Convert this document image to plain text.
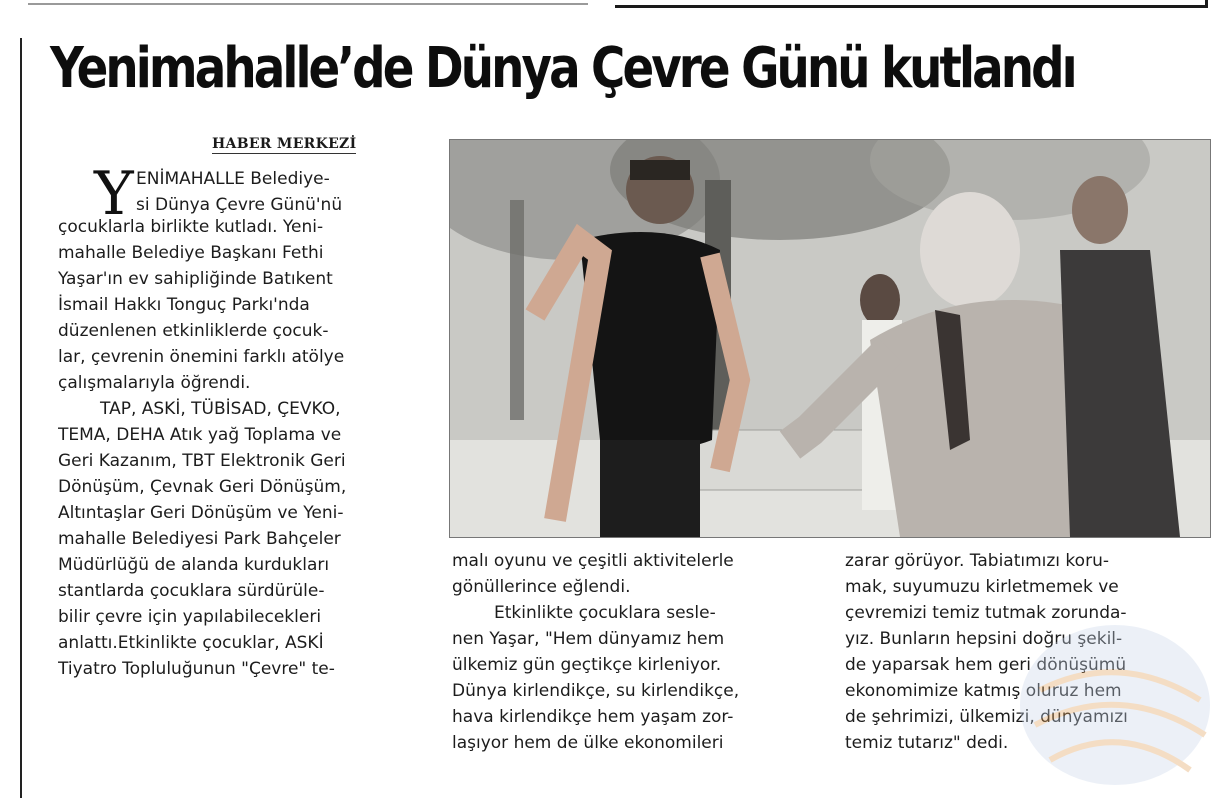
Yenimahalle’de Dünya Çevre Günü kutlandı
HABER MERKEZİ
Y ENİMAHALLE Belediye-
si Dünya Çevre Günü'nü
çocuklarla birlikte kutladı. Yeni-
mahalle Belediye Başkanı Fethi
Yaşar'ın ev sahipliğinde Batıkent
İsmail Hakkı Tonguç Parkı'nda
düzenlenen etkinliklerde çocuk-
lar, çevrenin önemini farklı atölye
çalışmalarıyla öğrendi.
TAP, ASKİ, TÜBİSAD, ÇEVKO,
TEMA, DEHA Atık yağ Toplama ve
Geri Kazanım, TBT Elektronik Geri
Dönüşüm, Çevnak Geri Dönüşüm,
Altıntaşlar Geri Dönüşüm ve Yeni-
mahalle Belediyesi Park Bahçeler
Müdürlüğü de alanda kurdukları
stantlarda çocuklara sürdürüle-
bilir çevre için yapılabilecekleri
anlattı.Etkinlikte çocuklar, ASKİ
Tiyatro Topluluğunun "Çevre" te-
malı oyunu ve çeşitli aktivitelerle
gönüllerince eğlendi.
Etkinlikte çocuklara sesle-
nen Yaşar, "Hem dünyamız hem
ülkemiz gün geçtikçe kirleniyor.
Dünya kirlendikçe, su kirlendikçe,
hava kirlendikçe hem yaşam zor-
laşıyor hem de ülke ekonomileri
zarar görüyor. Tabiatımızı koru-
mak, suyumuzu kirletmemek ve
çevremizi temiz tutmak zorunda-
yız. Bunların hepsini doğru şekil-
de yaparsak hem geri dönüşümü
ekonomimize katmış oluruz hem
de şehrimizi, ülkemizi, dünyamızı
temiz tutarız" dedi.
